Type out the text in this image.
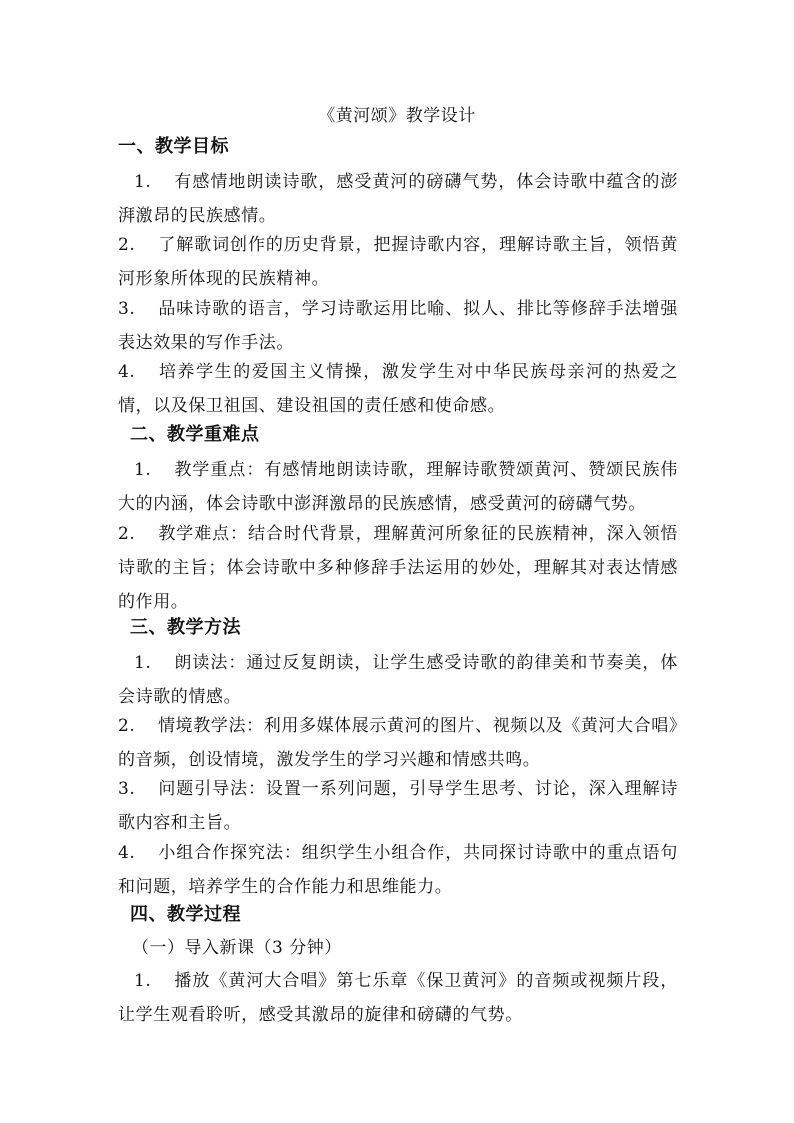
《黄河颂》教学设计
一、教学目标
1. 有感情地朗读诗歌，感受黄河的磅礴气势，体会诗歌中蕴含的澎湃激昂的民族感情。
2. 了解歌词创作的历史背景，把握诗歌内容，理解诗歌主旨，领悟黄河形象所体现的民族精神。
3. 品味诗歌的语言，学习诗歌运用比喻、拟人、排比等修辞手法增强表达效果的写作手法。
4. 培养学生的爱国主义情操，激发学生对中华民族母亲河的热爱之情，以及保卫祖国、建设祖国的责任感和使命感。
二、教学重难点
1. 教学重点：有感情地朗读诗歌，理解诗歌赞颂黄河、赞颂民族伟大的内涵，体会诗歌中澎湃激昂的民族感情，感受黄河的磅礴气势。
2. 教学难点：结合时代背景，理解黄河所象征的民族精神，深入领悟诗歌的主旨；体会诗歌中多种修辞手法运用的妙处，理解其对表达情感的作用。
三、教学方法
1. 朗读法：通过反复朗读，让学生感受诗歌的韵律美和节奏美，体会诗歌的情感。
2. 情境教学法：利用多媒体展示黄河的图片、视频以及《黄河大合唱》的音频，创设情境，激发学生的学习兴趣和情感共鸣。
3. 问题引导法：设置一系列问题，引导学生思考、讨论，深入理解诗歌内容和主旨。
4. 小组合作探究法：组织学生小组合作，共同探讨诗歌中的重点语句和问题，培养学生的合作能力和思维能力。
四、教学过程
（一）导入新课（3 分钟）
1. 播放《黄河大合唱》第七乐章《保卫黄河》的音频或视频片段，让学生观看聆听，感受其激昂的旋律和磅礴的气势。
